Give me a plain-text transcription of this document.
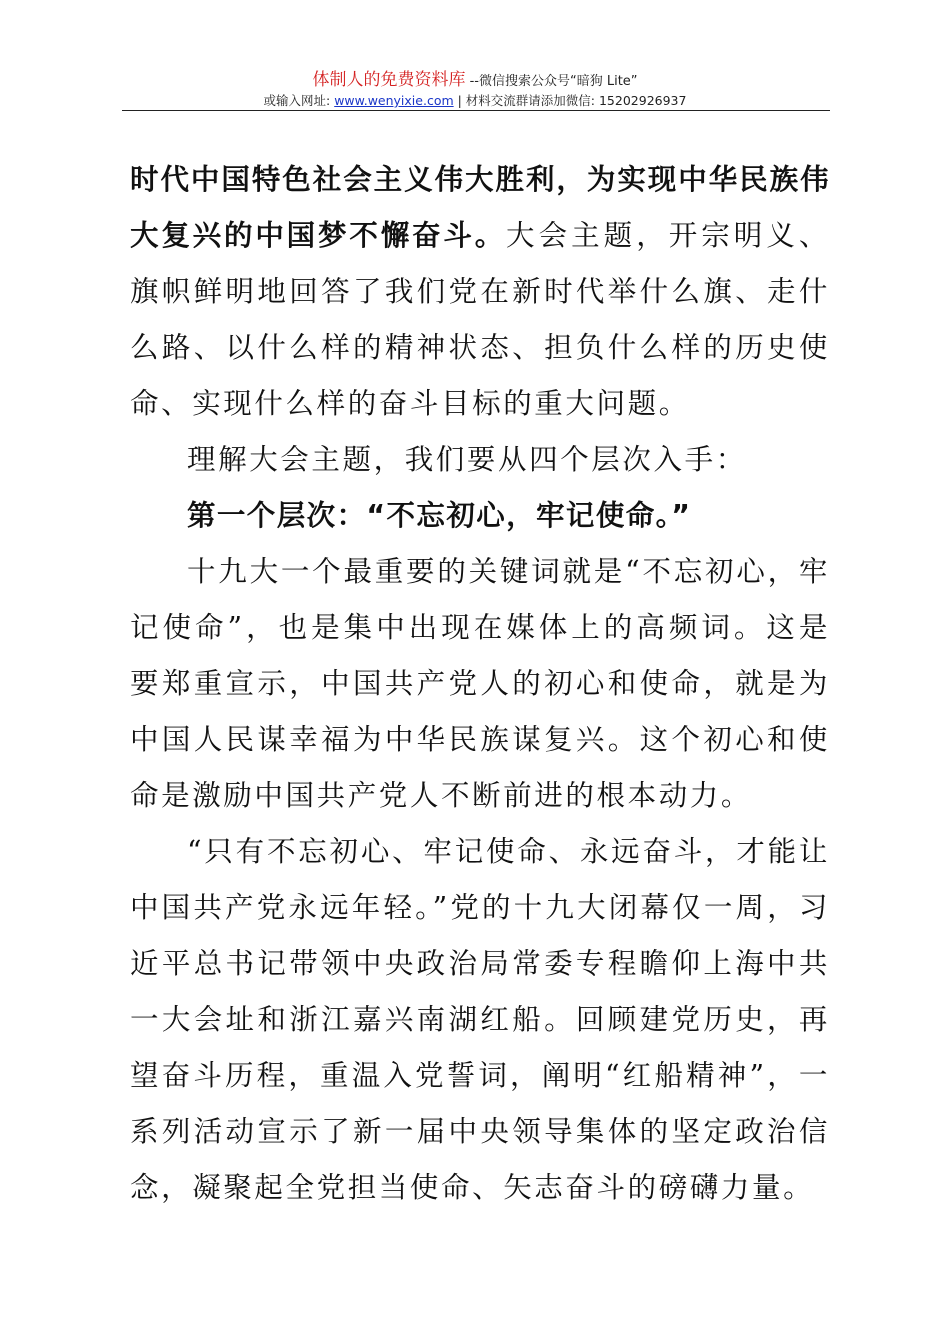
体制人的免费资料库 --微信搜索公众号“暗狗 Lite”
或输入网址: www.wenyixie.com | 材料交流群请添加微信: 15202926937

时代中国特色社会主义伟大胜利，为实现中华民族伟大复兴的中国梦不懈奋斗。大会主题，开宗明义、旗帜鲜明地回答了我们党在新时代举什么旗、走什么路、以什么样的精神状态、担负什么样的历史使命、实现什么样的奋斗目标的重大问题。

理解大会主题，我们要从四个层次入手：

第一个层次：“不忘初心，牢记使命。”

十九大一个最重要的关键词就是“不忘初心，牢记使命”，也是集中出现在媒体上的高频词。这是要郑重宣示，中国共产党人的初心和使命，就是为中国人民谋幸福为中华民族谋复兴。这个初心和使命是激励中国共产党人不断前进的根本动力。

“只有不忘初心、牢记使命、永远奋斗，才能让中国共产党永远年轻。”党的十九大闭幕仅一周，习近平总书记带领中央政治局常委专程瞻仰上海中共一大会址和浙江嘉兴南湖红船。回顾建党历史，再望奋斗历程，重温入党誓词，阐明“红船精神”，一系列活动宣示了新一届中央领导集体的坚定政治信念，凝聚起全党担当使命、矢志奋斗的磅礴力量。
